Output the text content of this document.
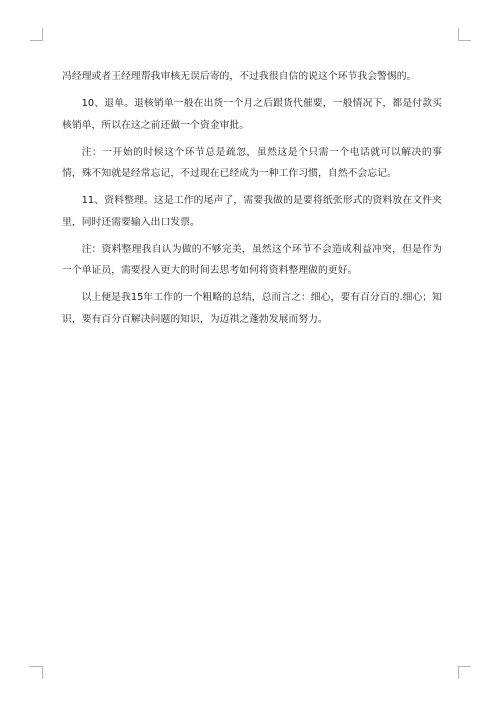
冯经理或者王经理帮我审核无误后寄的，不过我很自信的说这个环节我会警惕的。

10、退单。退核销单一般在出货一个月之后跟货代催要，一般情况下，都是付款买核销单，所以在这之前还做一个资金审批。

注：一开始的时候这个环节总是疏忽，虽然这是个只需一个电话就可以解决的事情，殊不知就是经常忘记，不过现在已经成为一种工作习惯，自然不会忘记。

11、资料整理。这是工作的尾声了，需要我做的是要将纸张形式的资料放在文件夹里，同时还需要输入出口发票。

注：资料整理我自认为做的不够完美，虽然这个环节不会造成利益冲突，但是作为一个单证员，需要投入更大的时间去思考如何将资料整理做的更好。

以上便是我15年工作的一个粗略的总结，总而言之：细心，要有百分百的.细心；知识，要有百分百解决问题的知识，为迈祺之蓬勃发展而努力。
